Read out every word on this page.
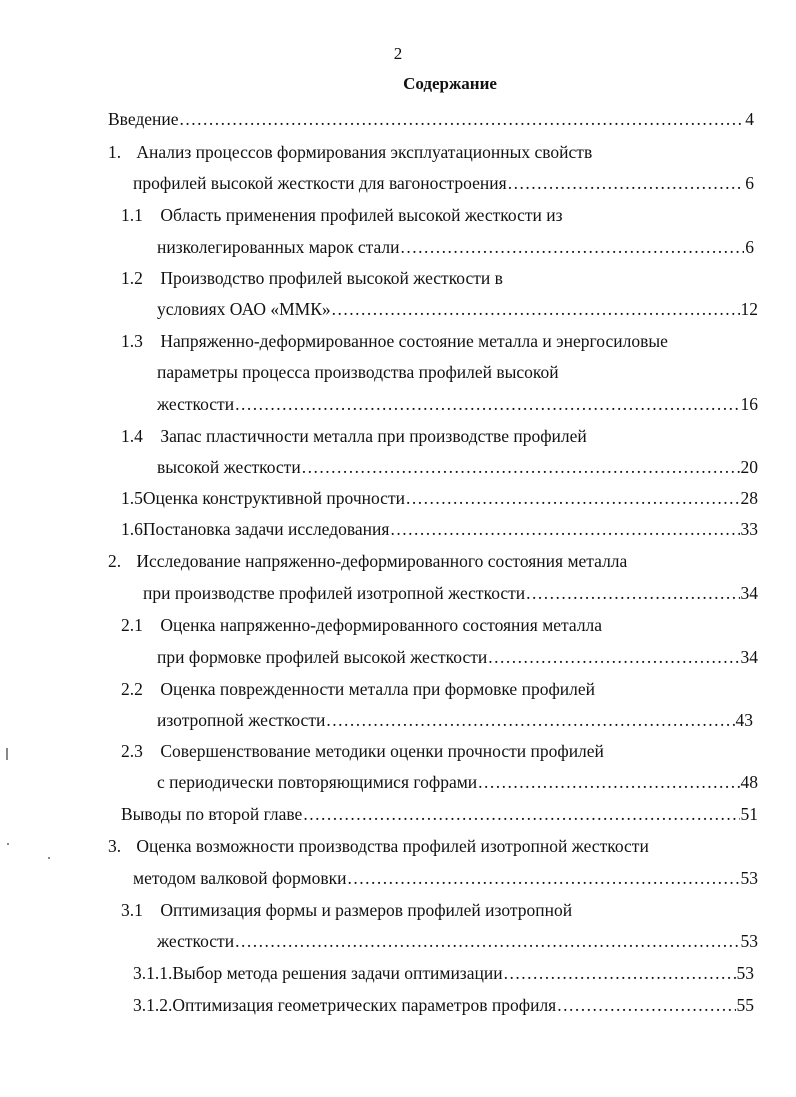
2
Содержание
Введение .....	4
1. Анализ процессов формирования эксплуатационных свойств
профилей высокой жесткости для вагоностроения .....	6
1.1 Область применения профилей высокой жесткости из
низколегированных марок стали .....	6
1.2 Производство профилей высокой жесткости в
условиях ОАО «ММК» .....	12
1.3 Напряженно-деформированное состояние металла и энергосиловые
параметры процесса производства профилей высокой
жесткости .....	16
1.4 Запас пластичности металла при производстве профилей
высокой жесткости .....	20
1.5 Оценка конструктивной прочности .....	28
1.6 Постановка задачи исследования .....	33
2. Исследование напряженно-деформированного состояния металла
при производстве профилей изотропной жесткости .....	34
2.1 Оценка напряженно-деформированного состояния металла
при формовке профилей высокой жесткости .....	34
2.2 Оценка поврежденности металла при формовке профилей
изотропной жесткости .....	43
2.3 Совершенствование методики оценки прочности профилей
с периодически повторяющимися гофрами .....	48
Выводы по второй главе .....	51
3. Оценка возможности производства профилей изотропной жесткости
методом валковой формовки .....	53
3.1 Оптимизация формы и размеров профилей изотропной
жесткости .....	53
3.1.1. Выбор метода решения задачи оптимизации .....	53
3.1.2. Оптимизация геометрических параметров профиля .....	55
